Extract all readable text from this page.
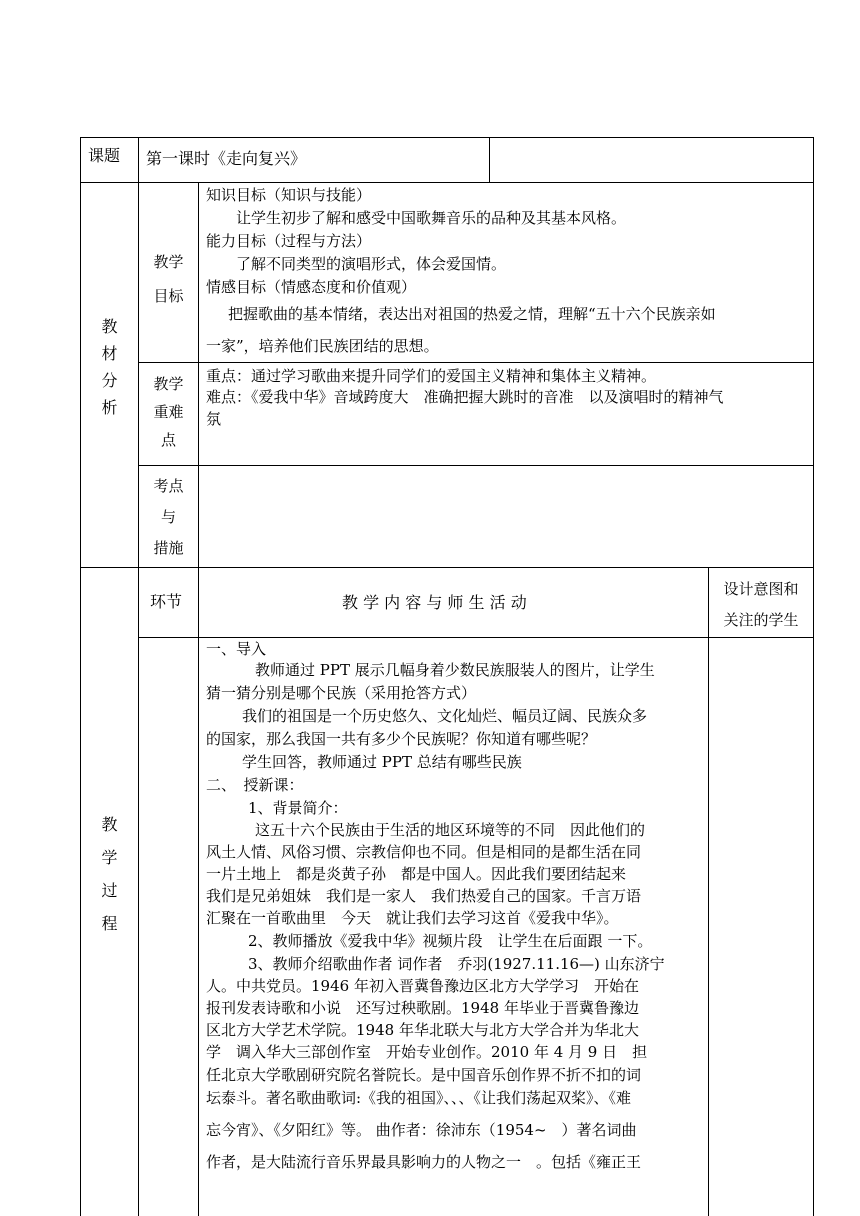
课题 第一课时《走向复兴》
教
材
分
析
教学
目标
知识目标（知识与技能）
让学生初步了解和感受中国歌舞音乐的品种及其基本风格。
能力目标（过程与方法）
了解不同类型的演唱形式，体会爱国情。
情感目标（情感态度和价值观）
把握歌曲的基本情绪，表达出对祖国的热爱之情，理解“五十六个民族亲如
一家”，培养他们民族团结的思想。
教学
重难
点
重点：通过学习歌曲来提升同学们的爱国主义精神和集体主义精神。
难点：《爱我中华》音域跨度大　准确把握大跳时的音准　以及演唱时的精神气
氛
考点
与
措施
环节	教 学 内 容 与 师 生 活 动
设计意图和
关注的学生
教
学
过
程
一、导入
教师通过 PPT 展示几幅身着少数民族服装人的图片，让学生
猜一猜分别是哪个民族（采用抢答方式）
我们的祖国是一个历史悠久、文化灿烂、幅员辽阔、民族众多
的国家，那么我国一共有多少个民族呢？你知道有哪些呢？
学生回答，教师通过 PPT 总结有哪些民族
二、　授新课：
1、背景简介：
这五十六个民族由于生活的地区环境等的不同　因此他们的
风土人情、风俗习惯、宗教信仰也不同。但是相同的是都生活在同
一片土地上　都是炎黄子孙　都是中国人。因此我们要团结起来
我们是兄弟姐妹　我们是一家人　我们热爱自己的国家。千言万语
汇聚在一首歌曲里　今天　就让我们去学习这首《爱我中华》。
2、教师播放《爱我中华》视频片段　让学生在后面跟 一下。
3、教师介绍歌曲作者 词作者　乔羽(1927.11.16—) 山东济宁
人。中共党员。1946 年初入晋冀鲁豫边区北方大学学习　开始在
报刊发表诗歌和小说　还写过秧歌剧。1948 年毕业于晋冀鲁豫边
区北方大学艺术学院。1948 年华北联大与北方大学合并为华北大
学　调入华大三部创作室　开始专业创作。2010 年 4 月 9 日　担
任北京大学歌剧研究院名誉院长。是中国音乐创作界不折不扣的词
坛泰斗。著名歌曲歌词:《我的祖国》、、、《让我们荡起双桨》、《难
忘今宵》、《夕阳红》等。 曲作者：徐沛东（1954~　）著名词曲
作者，是大陆流行音乐界最具影响力的人物之一　。包括《雍正王
